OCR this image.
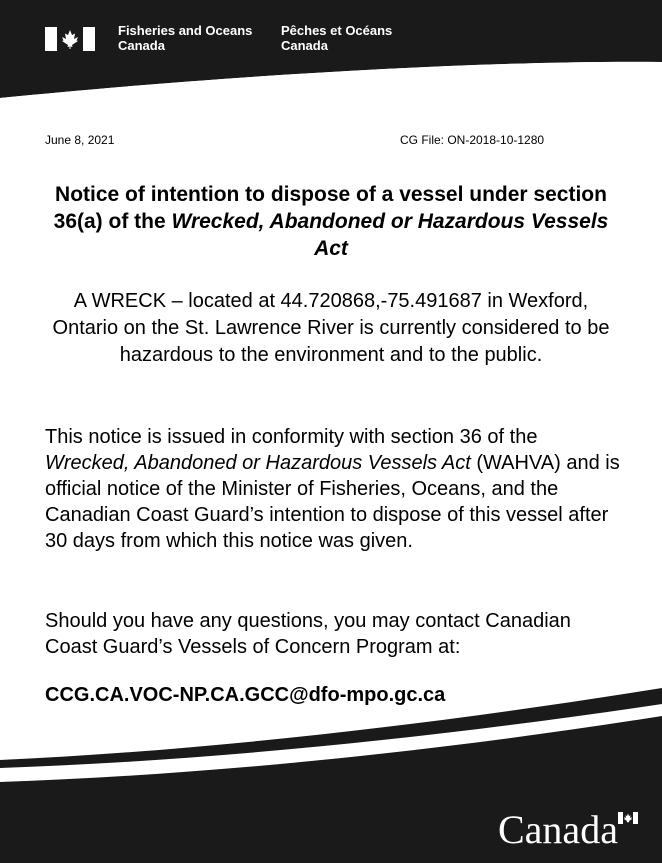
Fisheries and Oceans
Canada
Pêches et Océans
Canada
June 8, 2021	CG File: ON-2018-10-1280
Notice of intention to dispose of a vessel under section 36(a) of the Wrecked, Abandoned or Hazardous Vessels Act
A WRECK – located at 44.720868,-75.491687 in Wexford, Ontario on the St. Lawrence River is currently considered to be hazardous to the environment and to the public.
This notice is issued in conformity with section 36 of the Wrecked, Abandoned or Hazardous Vessels Act (WAHVA) and is official notice of the Minister of Fisheries, Oceans, and the Canadian Coast Guard’s intention to dispose of this vessel after 30 days from which this notice was given.
Should you have any questions, you may contact Canadian Coast Guard’s Vessels of Concern Program at:
CCG.CA.VOC-NP.CA.GCC@dfo-mpo.gc.ca
Canada
